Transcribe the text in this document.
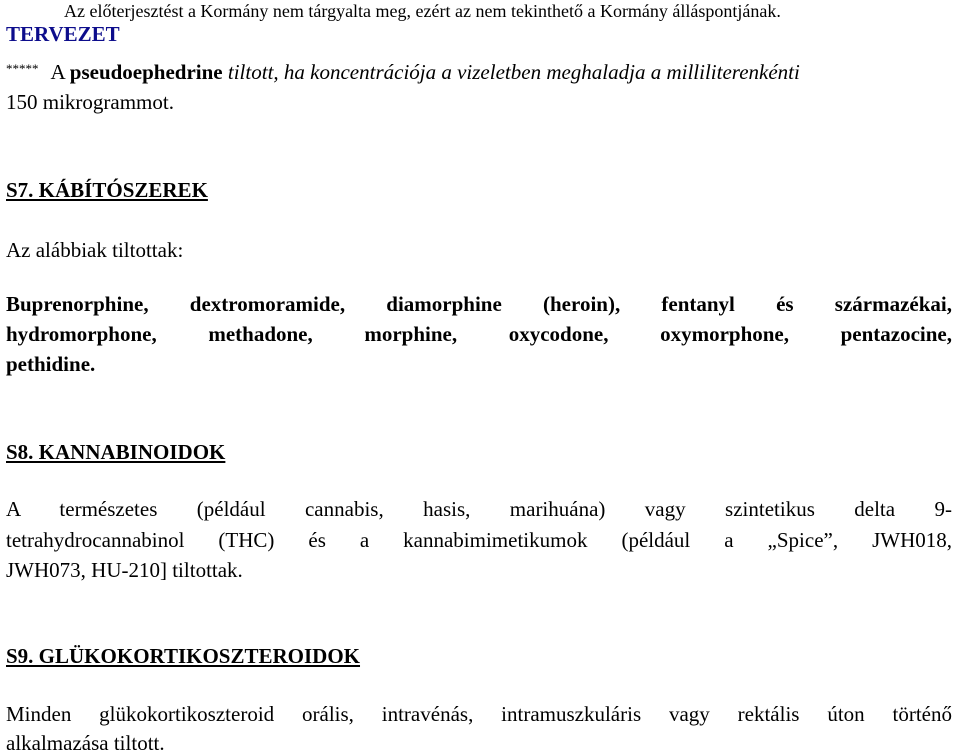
Az előterjesztést a Kormány nem tárgyalta meg, ezért az nem tekinthető a Kormány álláspontjának.
TERVEZET
***** A pseudoephedrine tiltott, ha koncentrációja a vizeletben meghaladja a milliliterenkénti
150 mikrogrammot.
S7. KÁBÍTÓSZEREK
Az alábbiak tiltottak:
Buprenorphine, dextromoramide, diamorphine (heroin), fentanyl és származékai,
hydromorphone, methadone, morphine, oxycodone, oxymorphone, pentazocine,
pethidine.
S8. KANNABINOIDOK
A természetes (például cannabis, hasis, marihuána) vagy szintetikus delta 9-
tetrahydrocannabinol (THC) és a kannabimimetikumok (például a „Spice”, JWH018,
JWH073, HU-210] tiltottak.
S9. GLÜKOKORTIKOSZTEROIDOK
Minden glükokortikoszteroid orális, intravénás, intramuszkuláris vagy rektális úton történő
alkalmazása tiltott.
